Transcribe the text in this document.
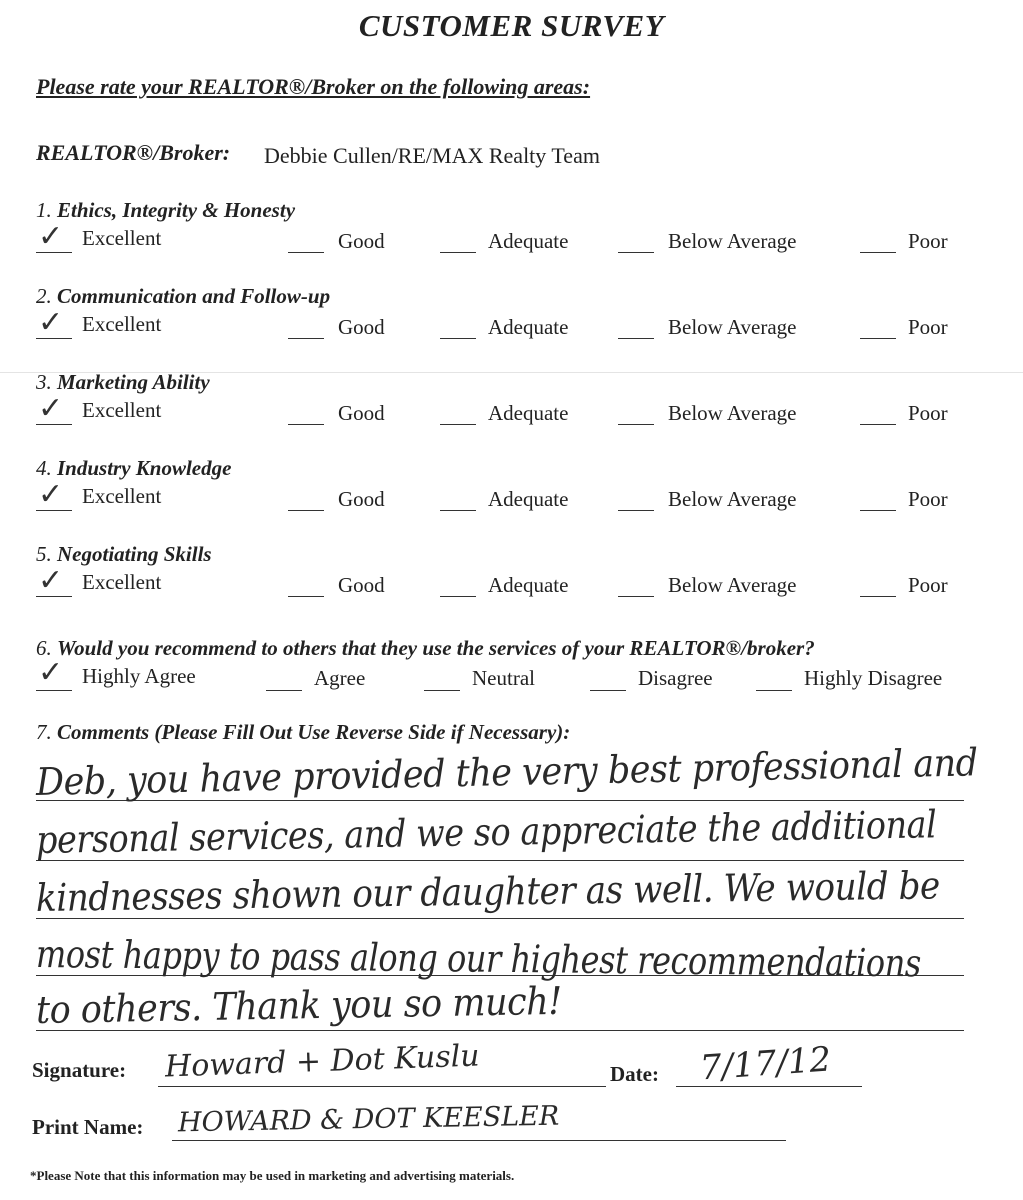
CUSTOMER SURVEY
Please rate your REALTOR®/Broker on the following areas:
REALTOR®/Broker: Debbie Cullen/RE/MAX Realty Team
1. Ethics, Integrity & Honesty
2. Communication and Follow-up
3. Marketing Ability
4. Industry Knowledge
5. Negotiating Skills
Excellent
✓	Good	Adequate	Below Average	Poor
Excellent
✓	Good	Adequate	Below Average	Poor
Excellent
✓	Good	Adequate	Below Average	Poor
Excellent
✓	Good	Adequate	Below Average	Poor
Excellent
✓	Good	Adequate	Below Average	Poor
6. Would you recommend to others that they use the services of your REALTOR®/broker?
Highly Agree
✓	Agree	Neutral	Disagree	Highly Disagree
7. Comments (Please Fill Out Use Reverse Side if Necessary):
Deb, you have provided the very best professional and
personal services, and we so appreciate the additional
kindnesses shown our daughter as well. We would be
most happy to pass along our highest recommendations
to others. Thank you so much!
Signature: Howard + Dot Kuslu	Date: 7/17/12
Print Name: HOWARD & DOT KEESLER
*Please Note that this information may be used in marketing and advertising materials.
